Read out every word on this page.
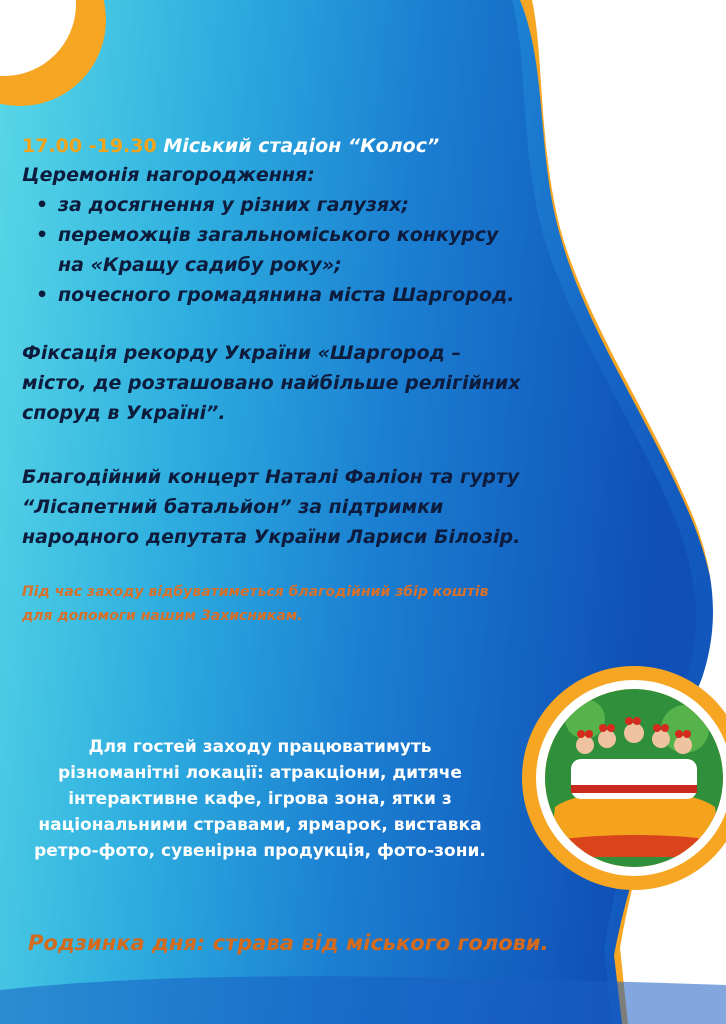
17.00 -19.30 Міський стадіон “Колос”
Церемонія нагородження:
• за досягнення у різних галузях;
• переможців загальноміського конкурсу на «Кращу садибу року»;
• почесного громадянина міста Шаргород.
Фіксація рекорду України «Шаргород – місто, де розташовано найбільше релігійних споруд в Україні”.
Благодійний концерт Наталі Фаліон та гурту “Лісапетний батальйон” за підтримки народного депутата України Лариси Білозір.
Під час заходу відбуватиметься благодійний збір коштів для допомоги нашим Захисникам.
Для гостей заходу працюватимуть різноманітні локації: атракціони, дитяче інтерактивне кафе, ігрова зона, ятки з національними стравами, ярмарок, виставка ретро-фото, сувенірна продукція, фото-зони.
Родзинка дня: страва від міського голови.
